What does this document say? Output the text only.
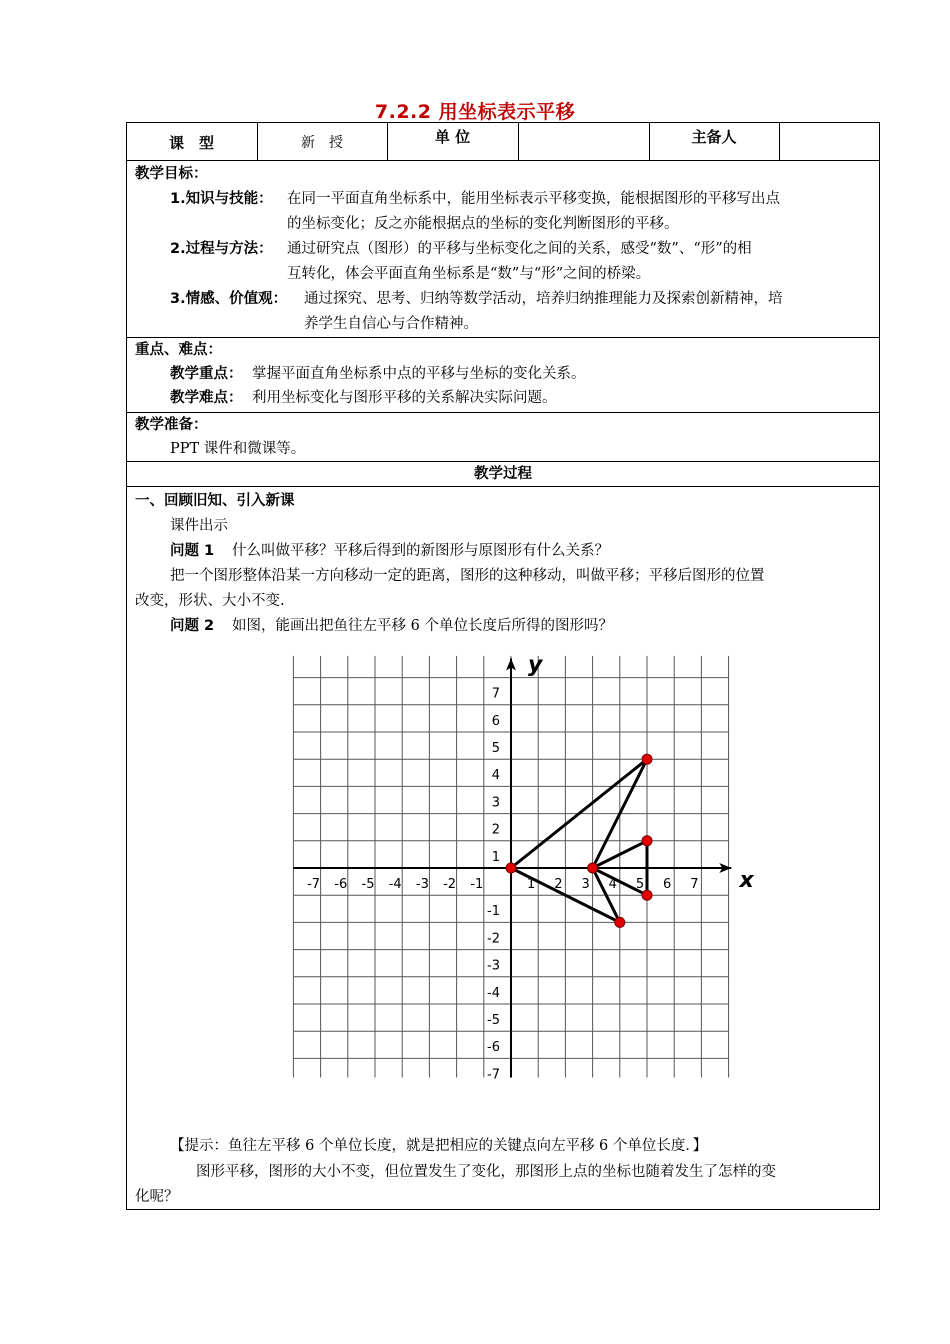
7.2.2 用坐标表示平移
课　型	新　授	单 位	主备人
教学目标：
1.知识与技能： 在同一平面直角坐标系中，能用坐标表示平移变换，能根据图形的平移写出点
的坐标变化；反之亦能根据点的坐标的变化判断图形的平移。
2.过程与方法： 通过研究点（图形）的平移与坐标变化之间的关系，感受“数”、“形”的相
互转化，体会平面直角坐标系是“数”与“形”之间的桥梁。
3.情感、价值观： 通过探究、思考、归纳等数学活动，培养归纳推理能力及探索创新精神，培
养学生自信心与合作精神。
重点、难点：
教学重点： 掌握平面直角坐标系中点的平移与坐标的变化关系。
教学难点： 利用坐标变化与图形平移的关系解决实际问题。
教学准备：
PPT 课件和微课等。
教学过程
一、回顾旧知、引入新课
课件出示
问题 1 什么叫做平移？平移后得到的新图形与原图形有什么关系？
把一个图形整体沿某一方向移动一定的距离，图形的这种移动，叫做平移；平移后图形的位置
改变，形状、大小不变.
问题 2 如图，能画出把鱼往左平移 6 个单位长度后所得的图形吗？
x
y
-7 -6 -5 -4 -3 -2 -1	1 2 3 4 5 6 7
7
6
5
4
3
2
1
-1
-2
-3
-4
-5
-6
-7
【提示：鱼往左平移 6 个单位长度，就是把相应的关键点向左平移 6 个单位长度．】
图形平移，图形的大小不变，但位置发生了变化，那图形上点的坐标也随着发生了怎样的变
化呢？
